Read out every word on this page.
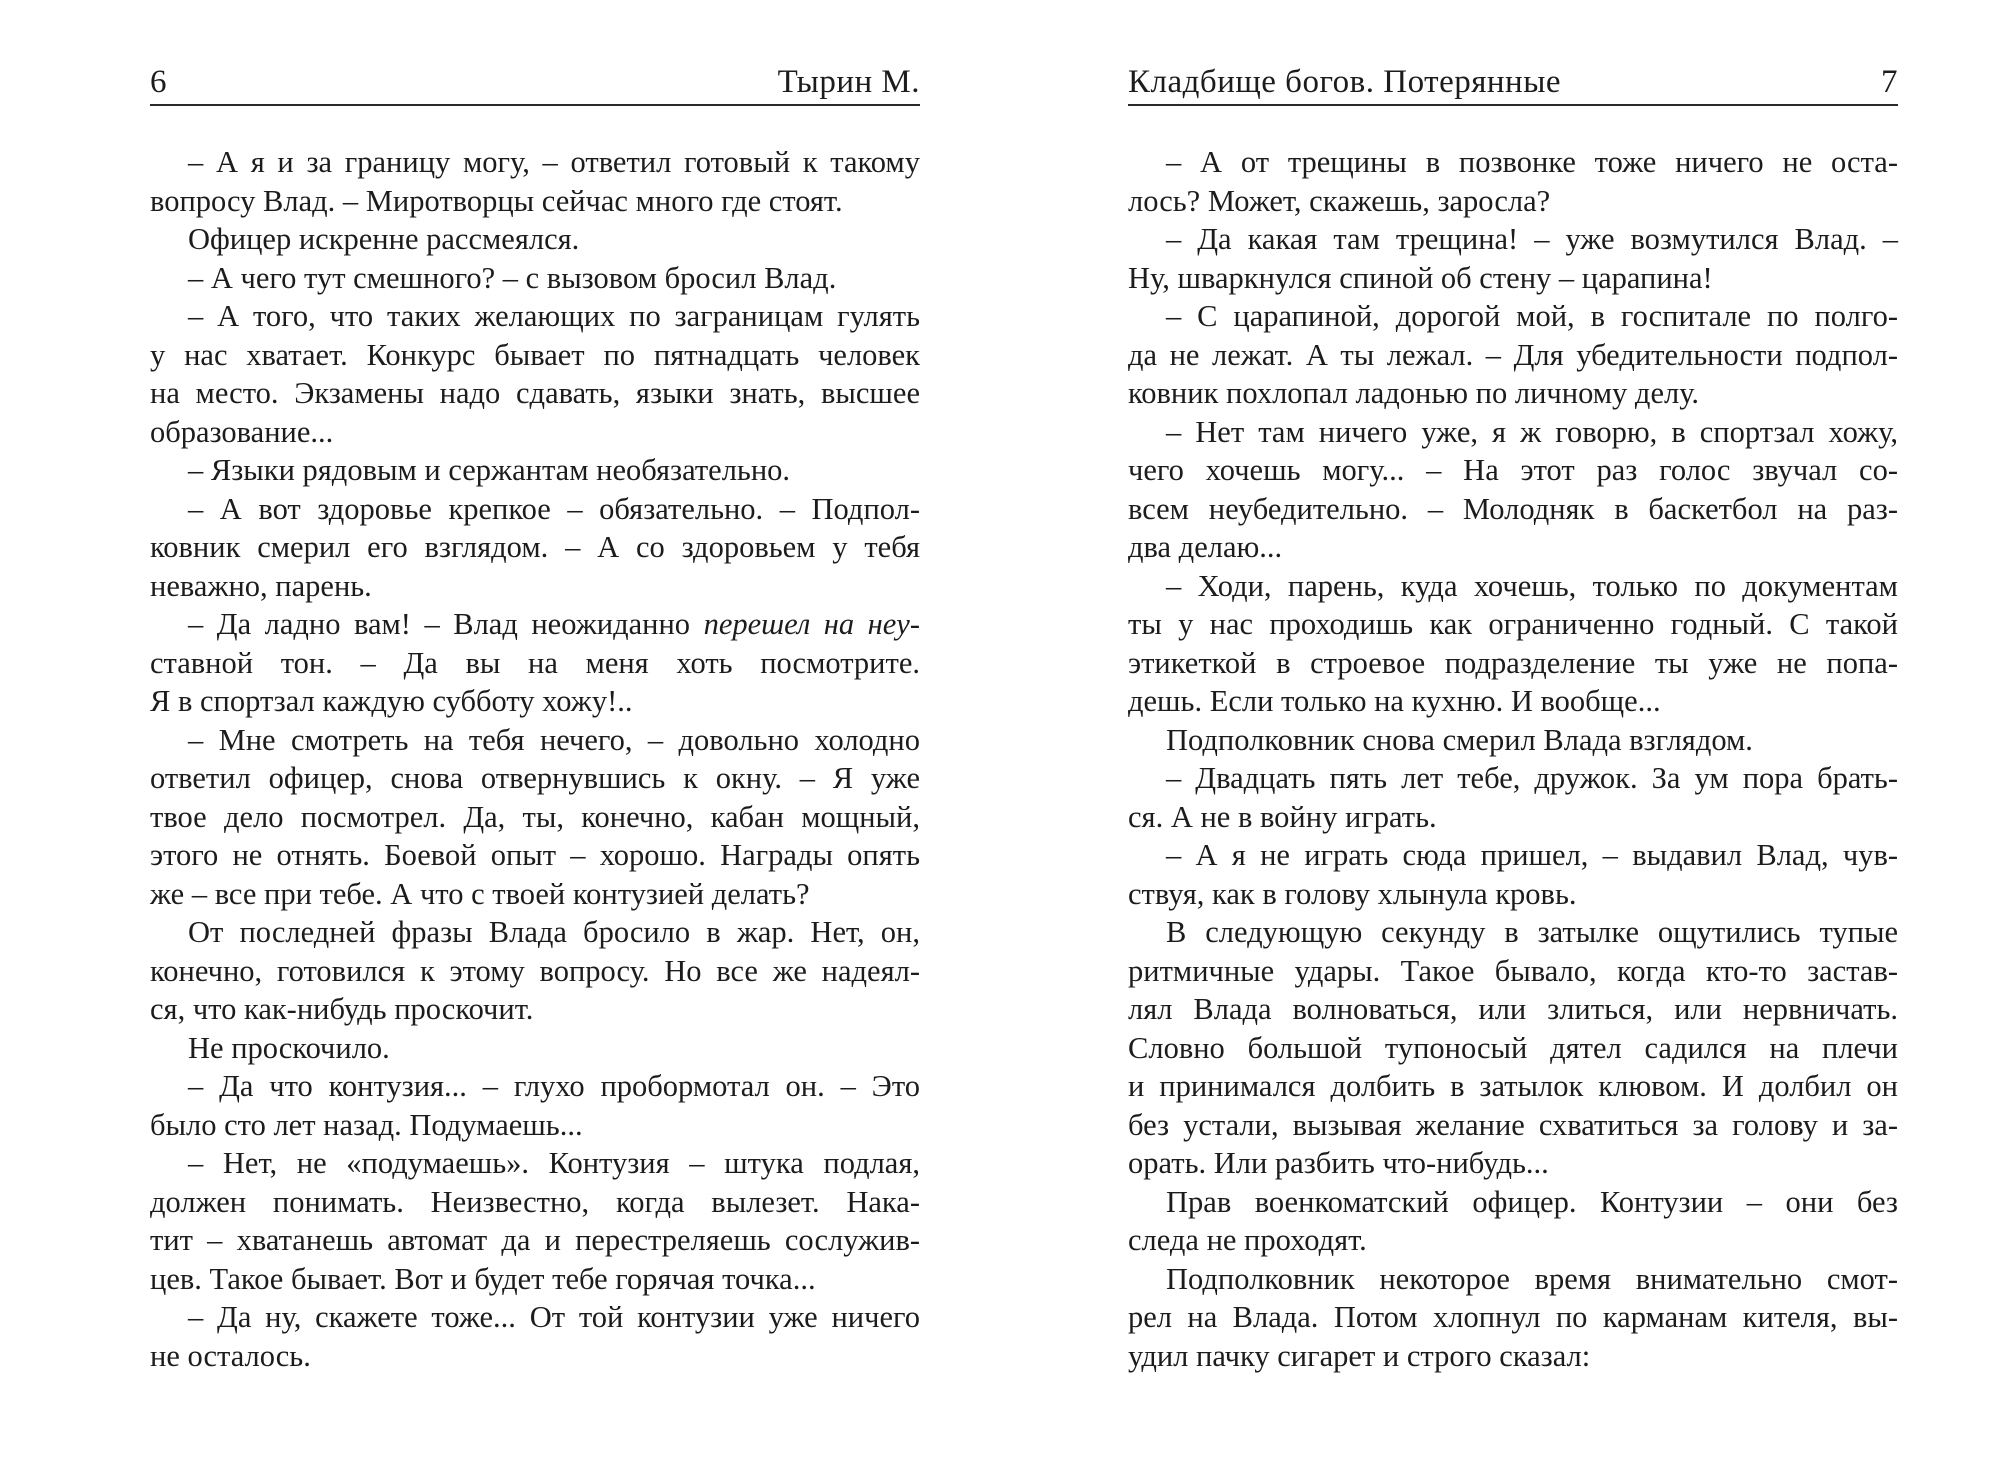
6	Тырин М.
– А я и за границу могу, – ответил готовый к такому
вопросу Влад. – Миротворцы сейчас много где стоят.
Офицер искренне рассмеялся.
– А чего тут смешного? – с вызовом бросил Влад.
– А того, что таких желающих по заграницам гулять
у нас хватает. Конкурс бывает по пятнадцать человек
на место. Экзамены надо сдавать, языки знать, высшее
образование...
– Языки рядовым и сержантам необязательно.
– А вот здоровье крепкое – обязательно. – Подпол-
ковник смерил его взглядом. – А со здоровьем у тебя
неважно, парень.
– Да ладно вам! – Влад неожиданно перешел на неу-
ставной тон. – Да вы на меня хоть посмотрите.
Я в спортзал каждую субботу хожу!..
– Мне смотреть на тебя нечего, – довольно холодно
ответил офицер, снова отвернувшись к окну. – Я уже
твое дело посмотрел. Да, ты, конечно, кабан мощный,
этого не отнять. Боевой опыт – хорошо. Награды опять
же – все при тебе. А что с твоей контузией делать?
От последней фразы Влада бросило в жар. Нет, он,
конечно, готовился к этому вопросу. Но все же надеял-
ся, что как-нибудь проскочит.
Не проскочило.
– Да что контузия... – глухо пробормотал он. – Это
было сто лет назад. Подумаешь...
– Нет, не «подумаешь». Контузия – штука подлая,
должен понимать. Неизвестно, когда вылезет. Нака-
тит – хватанешь автомат да и перестреляешь сослужив-
цев. Такое бывает. Вот и будет тебе горячая точка...
– Да ну, скажете тоже... От той контузии уже ничего
не осталось.
Кладбище богов. Потерянные	7
– А от трещины в позвонке тоже ничего не оста-
лось? Может, скажешь, заросла?
– Да какая там трещина! – уже возмутился Влад. –
Ну, шваркнулся спиной об стену – царапина!
– С царапиной, дорогой мой, в госпитале по полго-
да не лежат. А ты лежал. – Для убедительности подпол-
ковник похлопал ладонью по личному делу.
– Нет там ничего уже, я ж говорю, в спортзал хожу,
чего хочешь могу... – На этот раз голос звучал со-
всем неубедительно. – Молодняк в баскетбол на раз-
два делаю...
– Ходи, парень, куда хочешь, только по документам
ты у нас проходишь как ограниченно годный. С такой
этикеткой в строевое подразделение ты уже не попа-
дешь. Если только на кухню. И вообще...
Подполковник снова смерил Влада взглядом.
– Двадцать пять лет тебе, дружок. За ум пора брать-
ся. А не в войну играть.
– А я не играть сюда пришел, – выдавил Влад, чув-
ствуя, как в голову хлынула кровь.
В следующую секунду в затылке ощутились тупые
ритмичные удары. Такое бывало, когда кто-то застав-
лял Влада волноваться, или злиться, или нервничать.
Словно большой тупоносый дятел садился на плечи
и принимался долбить в затылок клювом. И долбил он
без устали, вызывая желание схватиться за голову и за-
орать. Или разбить что-нибудь...
Прав военкоматский офицер. Контузии – они без
следа не проходят.
Подполковник некоторое время внимательно смот-
рел на Влада. Потом хлопнул по карманам кителя, вы-
удил пачку сигарет и строго сказал:
